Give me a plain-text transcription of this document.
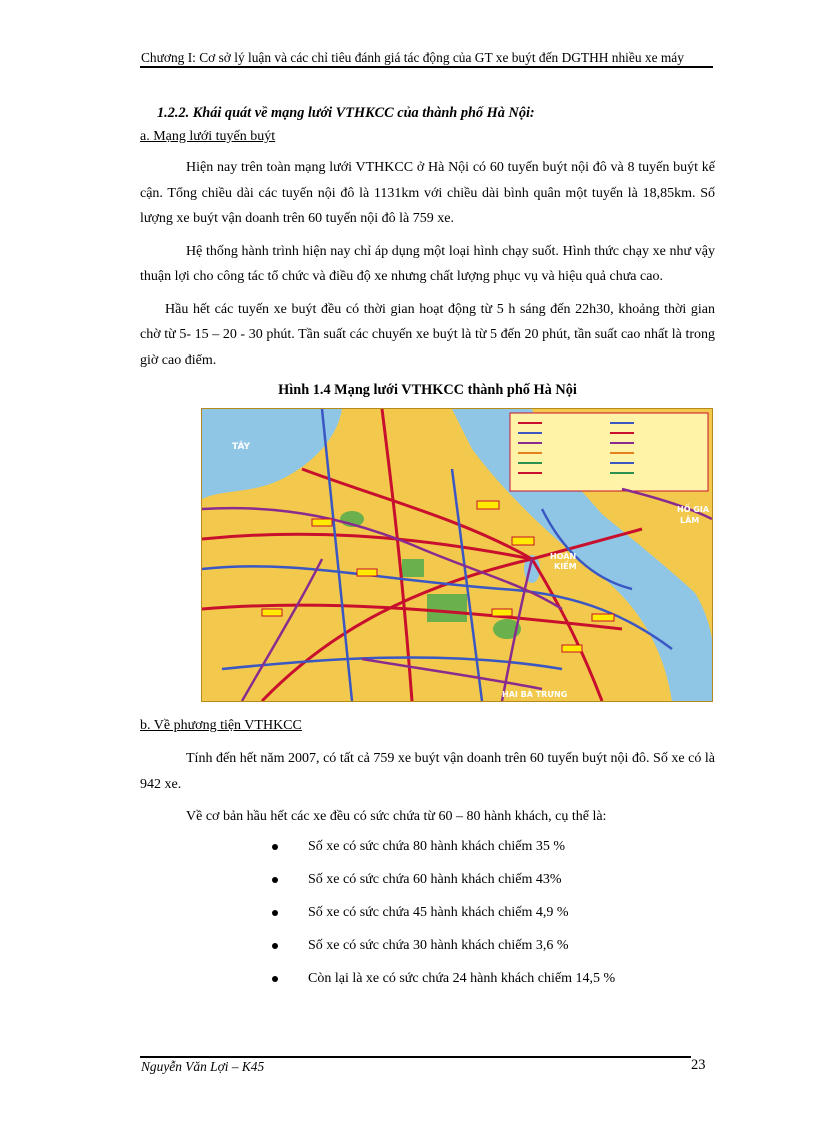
Chương I: Cơ sở lý luận và các chỉ tiêu đánh giá tác động của GT xe buýt đến DGTHH nhiều xe máy
1.2.2. Khái quát về mạng lưới VTHKCC của thành phố Hà Nội:
a. Mạng lưới tuyến buýt

Hiện nay trên toàn mạng lưới VTHKCC ở Hà Nội có 60 tuyến buýt nội đô và 8 tuyến buýt kế cận. Tổng chiều dài các tuyến nội đô là 1131km với chiều dài bình quân một tuyến là 18,85km. Số lượng xe buýt vận doanh trên 60 tuyến nội đô là 759 xe.

Hệ thống hành trình hiện nay chỉ áp dụng một loại hình chạy suốt. Hình thức chạy xe như vậy thuận lợi cho công tác tổ chức và điều độ xe nhưng chất lượng phục vụ và hiệu quả chưa cao.

Hầu hết các tuyến xe buýt đều có thời gian hoạt động từ 5 h sáng đến 22h30, khoảng thời gian chờ từ 5- 15 – 20 - 30 phút. Tần suất các chuyến xe buýt là từ 5 đến 20 phút, tần suất cao nhất là trong giờ cao điểm.

Hình 1.4 Mạng lưới VTHKCC thành phố Hà Nội
TÂY
HỒ GIA
LÂM
HOÀN
KIẾM
HAI BÀ TRƯNG
b. Về phương tiện VTHKCC

Tính đến hết năm 2007, có tất cả 759 xe buýt vận doanh trên 60 tuyến buýt nội đô. Số xe có là 942 xe.

Về cơ bản hầu hết các xe đều có sức chứa từ 60 – 80 hành khách, cụ thể là:

Số xe có sức chứa 80 hành khách chiếm 35 %
Số xe có sức chứa 60 hành khách chiếm 43%
Số xe có sức chứa 45 hành khách chiếm 4,9 %
Số xe có sức chứa 30 hành khách chiếm 3,6 %
Còn lại là xe có sức chứa 24 hành khách chiếm 14,5 %
Nguyễn Văn Lợi – K45	23
